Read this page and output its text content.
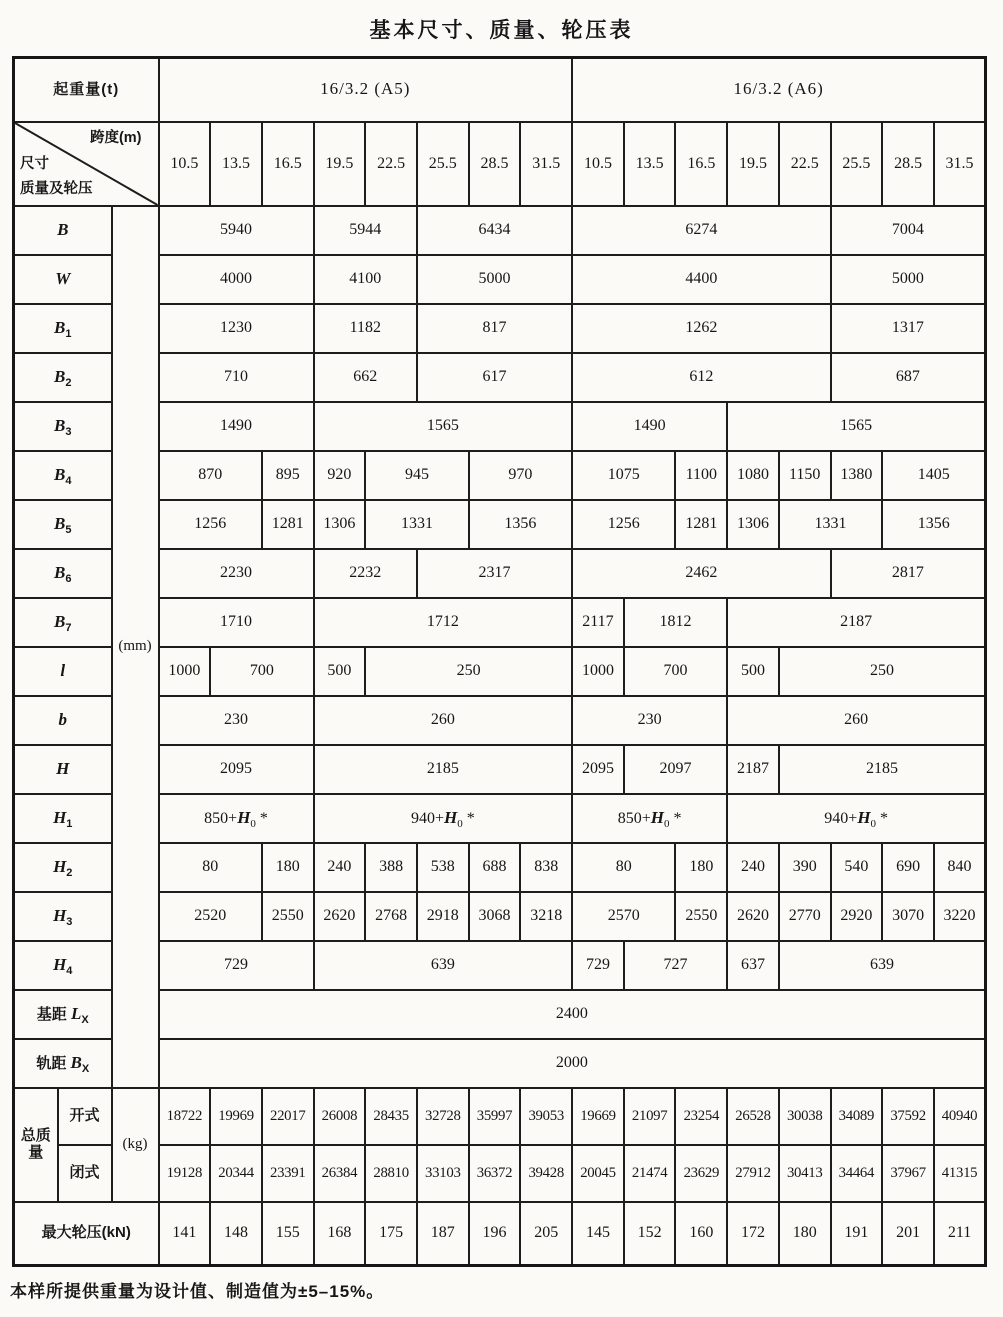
基本尺寸、质量、轮压表
起重量(t)			16/3.2 (A5)								16/3.2 (A6)							

跨度(m)
尺寸
质量及轮压			10.5	13.5	16.5	19.5	22.5	25.5	28.5	31.5	10.5	13.5	16.5	19.5	22.5	25.5	28.5	31.5
B		(mm)	5940			5944		6434			6274					7004		
W			4000			4100		5000			4400					5000		
$B_1$			1230			1182		817			1262					1317		
$B_2$			710			662		617			612					687		
$B_3$			1490			1565					1490			1565				
$B_4$			870		895	920	945		970		1075		1100	1080	1150	1380	1405	
$B_5$			1256		1281	1306	1331		1356		1256		1281	1306	1331		1356	
$B_6$			2230			2232		2317			2462					2817		
$B_7$			1710			1712					2117	1812		2187				
l			1000	700		500	250				1000	700		500	250			
b			230			260					230			260				
H			2095			2185					2095	2097		2187	2185			
$H_1$			$850+H_0$ *			$940+H_0$ *					$850+H_0$ *			$940+H_0$ *				
$H_2$			80		180	240	388	538	688	838	80		180	240	390	540	690	840
$H_3$			2520		2550	2620	2768	2918	3068	3218	2570		2550	2620	2770	2920	3070	3220
$H_4$			729			639					729	727		637	639			
基距 $L_X$			2400															
轨距 $B_X$			2000															
总质量	开式	(kg)	18722	19969	22017	26008	28435	32728	35997	39053	19669	21097	23254	26528	30038	34089	37592	40940
	闭式		19128	20344	23391	26384	28810	33103	36372	39428	20045	21474	23629	27912	30413	34464	37967	41315
最大轮压(kN)			141	148	155	168	175	187	196	205	145	152	160	172	180	191	201	211
本样所提供重量为设计值、制造值为±5–15%。
